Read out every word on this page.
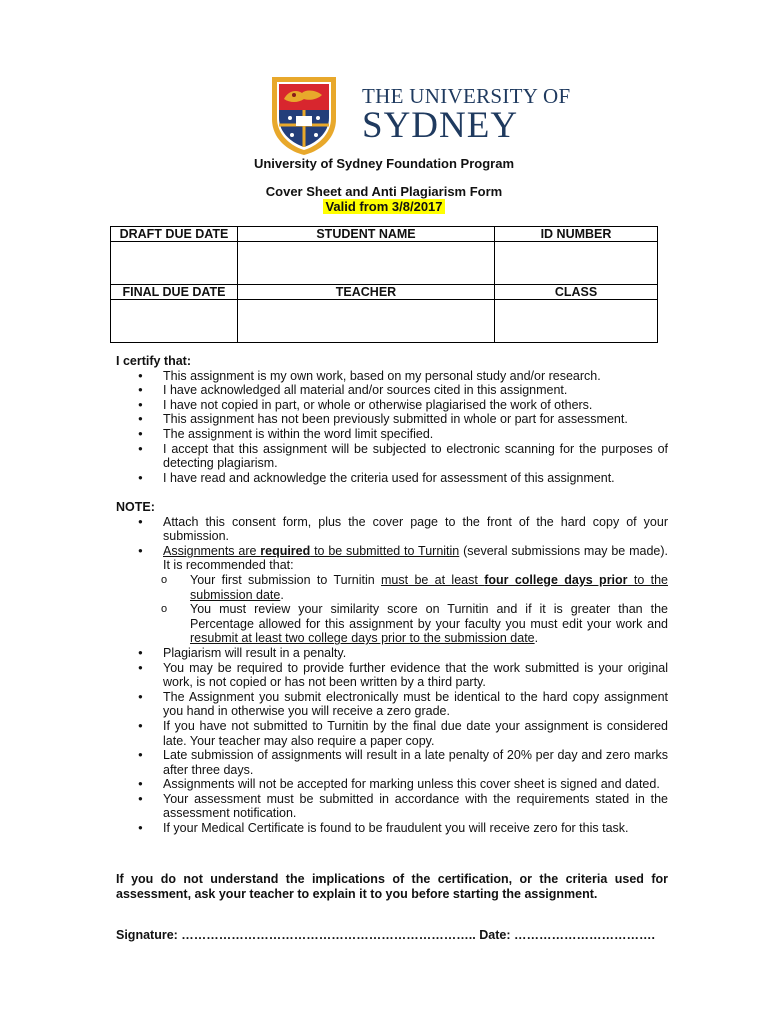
THE UNIVERSITY OF
SYDNEY
University of Sydney Foundation Program
Cover Sheet and Anti Plagiarism Form
Valid from 3/8/2017
DRAFT DUE DATE	STUDENT NAME	ID NUMBER

FINAL DUE DATE	TEACHER	CLASS

I certify that:
● This assignment is my own work, based on my personal study and/or research.
● I have acknowledged all material and/or sources cited in this assignment.
● I have not copied in part, or whole or otherwise plagiarised the work of others.
● This assignment has not been previously submitted in whole or part for assessment.
● The assignment is within the word limit specified.
● I accept that this assignment will be subjected to electronic scanning for the purposes of detecting plagiarism.
● I have read and acknowledge the criteria used for assessment of this assignment.
NOTE:
● Attach this consent form, plus the cover page to the front of the hard copy of your submission.
● Assignments are required to be submitted to Turnitin (several submissions may be made). It is recommended that:
o Your first submission to Turnitin must be at least four college days prior to the submission date.
o You must review your similarity score on Turnitin and if it is greater than the Percentage allowed for this assignment by your faculty you must edit your work and resubmit at least two college days prior to the submission date.
● Plagiarism will result in a penalty.
● You may be required to provide further evidence that the work submitted is your original work, is not copied or has not been written by a third party.
● The Assignment you submit electronically must be identical to the hard copy assignment you hand in otherwise you will receive a zero grade.
● If you have not submitted to Turnitin by the final due date your assignment is considered late. Your teacher may also require a paper copy.
● Late submission of assignments will result in a late penalty of 20% per day and zero marks after three days.
● Assignments will not be accepted for marking unless this cover sheet is signed and dated.
● Your assessment must be submitted in accordance with the requirements stated in the assessment notification.
● If your Medical Certificate is found to be fraudulent you will receive zero for this task.
If you do not understand the implications of the certification, or the criteria used for assessment, ask your teacher to explain it to you before starting the assignment.
Signature: …………………………………………………………….. Date: …………………………….
